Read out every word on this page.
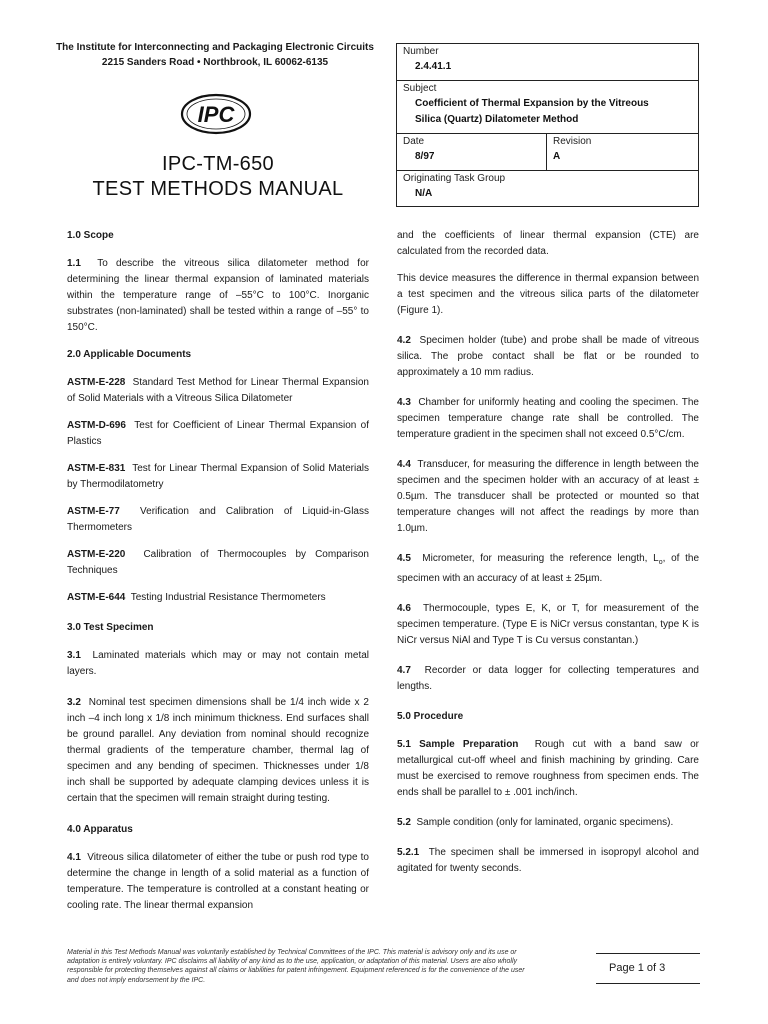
The Institute for Interconnecting and Packaging Electronic Circuits
2215 Sanders Road • Northbrook, IL 60062-6135
IPC
IPC-TM-650
TEST METHODS MANUAL
Number
2.4.41.1
Subject
Coefficient of Thermal Expansion by the Vitreous
Silica (Quartz) Dilatometer Method
Date
8/97
Revision
A
Originating Task Group
N/A
1.0 Scope

1.1 To describe the vitreous silica dilatometer method for determining the linear thermal expansion of laminated materials within the temperature range of –55°C to 100°C. Inorganic substrates (non-laminated) shall be tested within a range of –55° to 150°C.

2.0 Applicable Documents

ASTM-E-228 Standard Test Method for Linear Thermal Expansion of Solid Materials with a Vitreous Silica Dilatometer

ASTM-D-696 Test for Coefficient of Linear Thermal Expansion of Plastics

ASTM-E-831 Test for Linear Thermal Expansion of Solid Materials by Thermodilatometry

ASTM-E-77 Verification and Calibration of Liquid-in-Glass Thermometers

ASTM-E-220 Calibration of Thermocouples by Comparison Techniques

ASTM-E-644 Testing Industrial Resistance Thermometers

3.0 Test Specimen

3.1 Laminated materials which may or may not contain metal layers.

3.2 Nominal test specimen dimensions shall be 1/4 inch wide x 2 inch –4 inch long x 1/8 inch minimum thickness. End surfaces shall be ground parallel. Any deviation from nominal should recognize thermal gradients of the temperature chamber, thermal lag of specimen and any bending of specimen. Thicknesses under 1/8 inch shall be supported by adequate clamping devices unless it is certain that the specimen will remain straight during testing.

4.0 Apparatus

4.1 Vitreous silica dilatometer of either the tube or push rod type to determine the change in length of a solid material as a function of temperature. The temperature is controlled at a constant heating or cooling rate. The linear thermal expansion

and the coefficients of linear thermal expansion (CTE) are calculated from the recorded data.

This device measures the difference in thermal expansion between a test specimen and the vitreous silica parts of the dilatometer (Figure 1).

4.2 Specimen holder (tube) and probe shall be made of vitreous silica. The probe contact shall be flat or be rounded to approximately a 10 mm radius.

4.3 Chamber for uniformly heating and cooling the specimen. The specimen temperature change rate shall be controlled. The temperature gradient in the specimen shall not exceed 0.5°C/cm.

4.4 Transducer, for measuring the difference in length between the specimen and the specimen holder with an accuracy of at least ± 0.5µm. The transducer shall be protected or mounted so that temperature changes will not affect the readings by more than 1.0µm.

4.5 Micrometer, for measuring the reference length, $L_o$, of the specimen with an accuracy of at least ± 25µm.

4.6 Thermocouple, types E, K, or T, for measurement of the specimen temperature. (Type E is NiCr versus constantan, type K is NiCr versus NiAl and Type T is Cu versus constantan.)

4.7 Recorder or data logger for collecting temperatures and lengths.

5.0 Procedure

5.1 Sample Preparation Rough cut with a band saw or metallurgical cut-off wheel and finish machining by grinding. Care must be exercised to remove roughness from specimen ends. The ends shall be parallel to ± .001 inch/inch.

5.2 Sample condition (only for laminated, organic specimens).

5.2.1 The specimen shall be immersed in isopropyl alcohol and agitated for twenty seconds.

Material in this Test Methods Manual was voluntarily established by Technical Committees of the IPC. This material is advisory only and its use or adaptation is entirely voluntary. IPC disclaims all liability of any kind as to the use, application, or adaptation of this material. Users are also wholly responsible for protecting themselves against all claims or liabilities for patent infringement. Equipment referenced is for the convenience of the user and does not imply endorsement by the IPC.
Page 1 of 3
